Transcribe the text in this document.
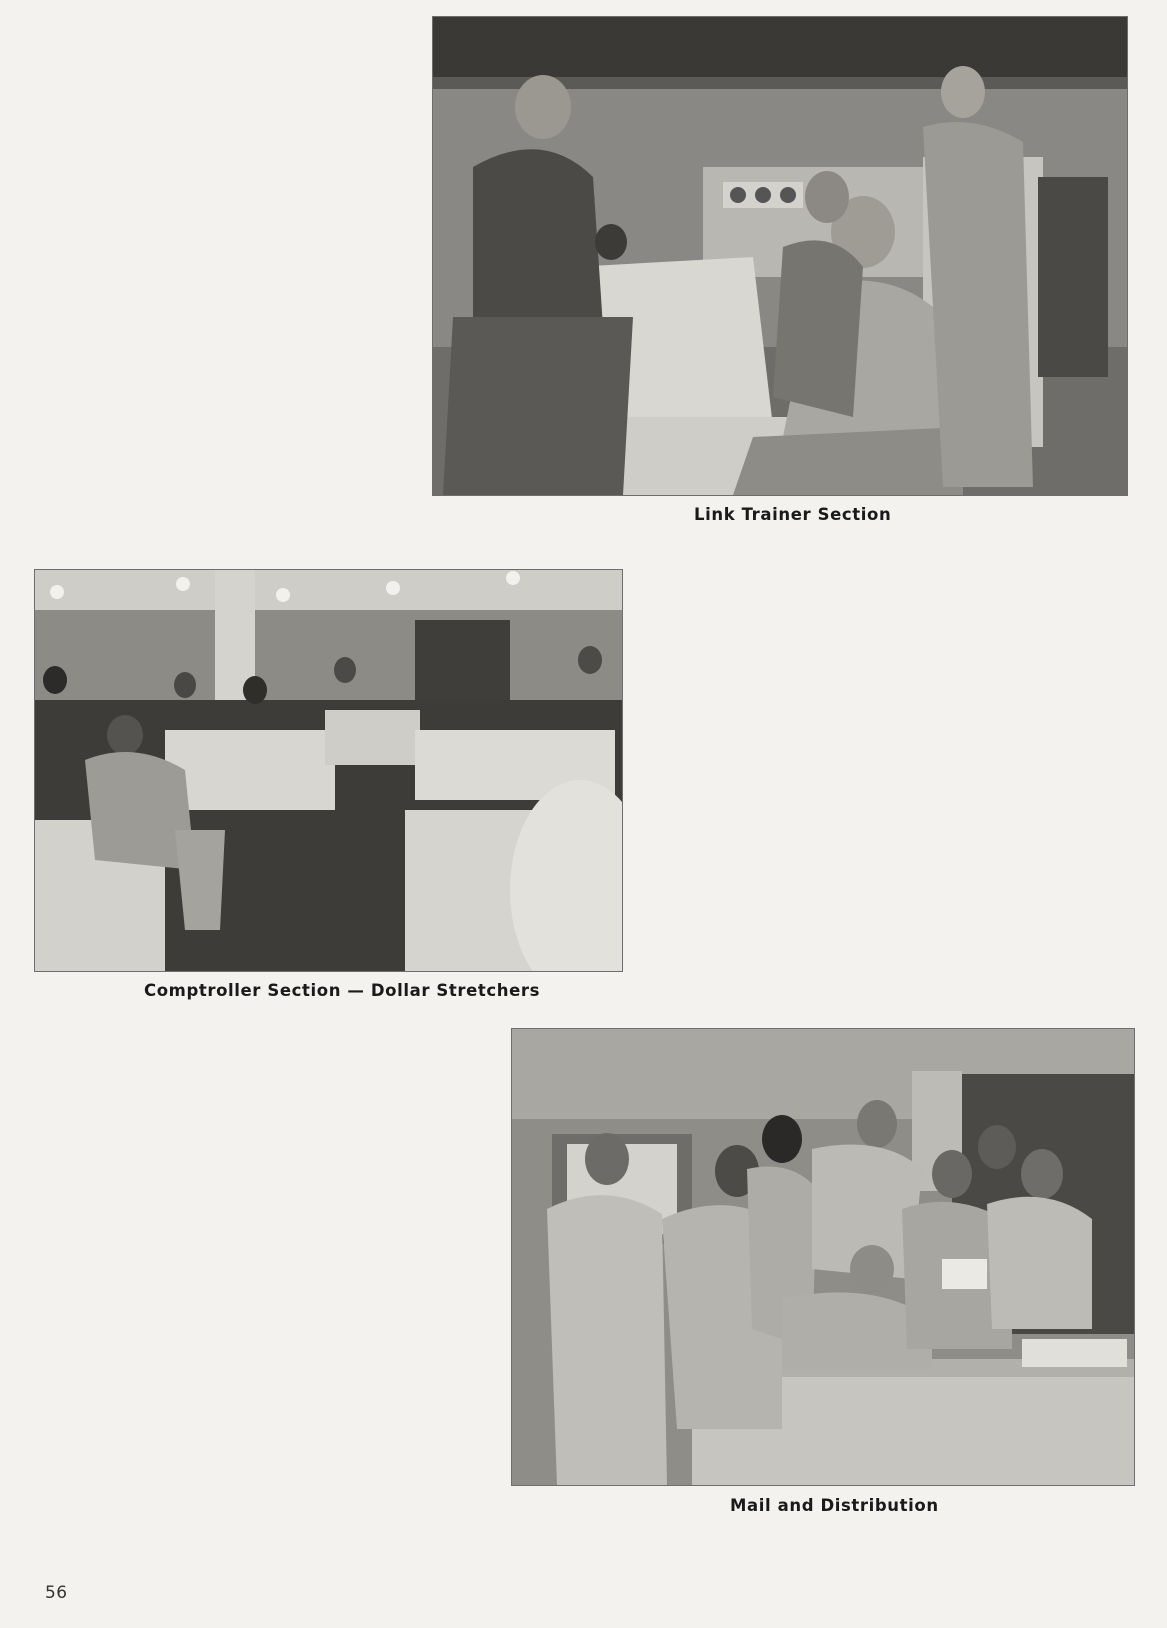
Link Trainer Section
Comptroller Section — Dollar Stretchers
Mail and Distribution
56
